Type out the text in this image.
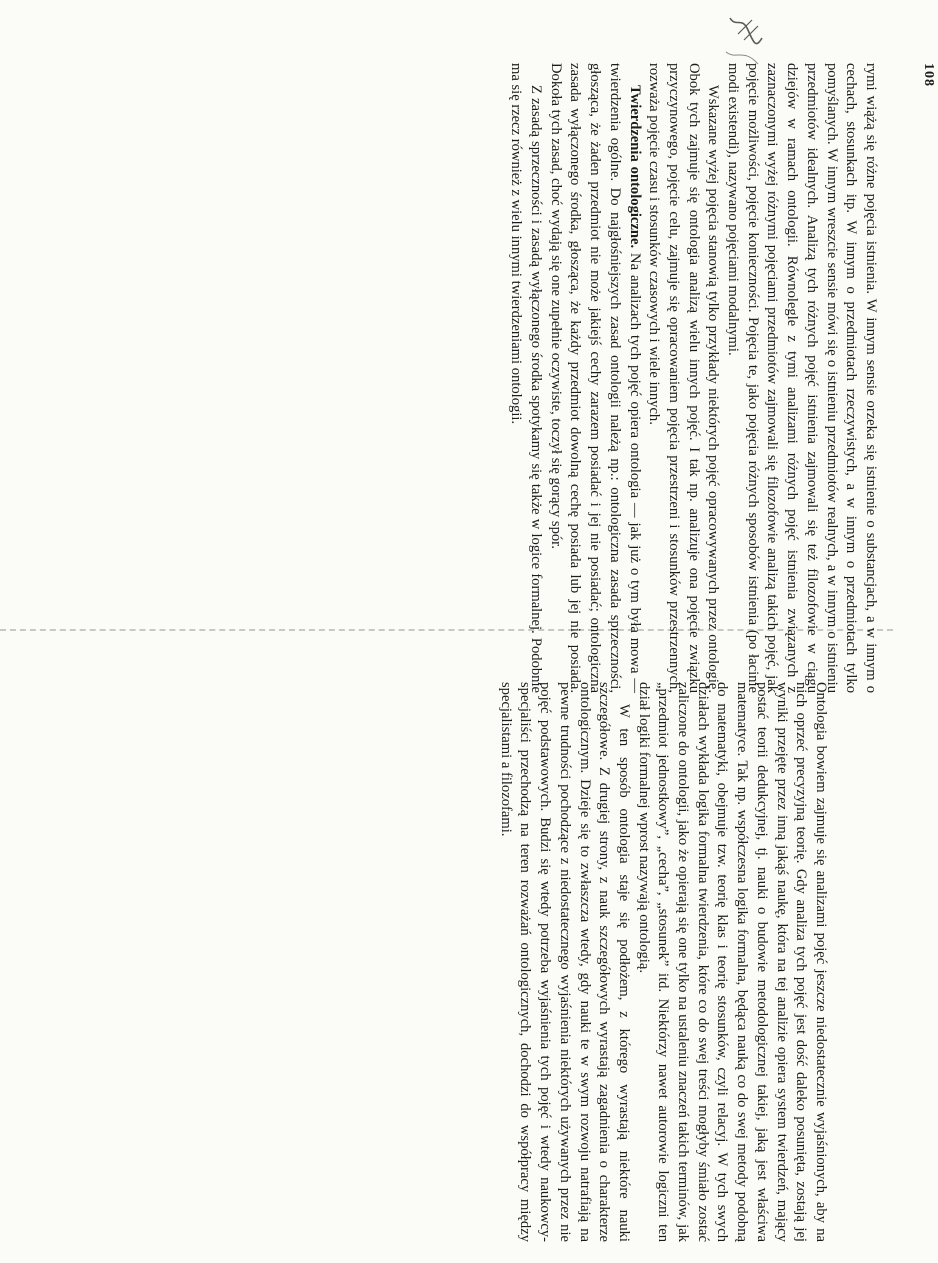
108

rymi wiążą się różne pojęcia istnienia. W innym sensie orzeka się istnienie o substancjach, a w innym o cechach, stosunkach itp. W innym o przedmiotach rzeczywistych, a w innym o przedmiotach tylko pomyślanych. W innym wreszcie sensie mówi się o istnieniu przedmiotów realnych, a w innym o istnieniu przedmiotów idealnych. Analizą tych różnych pojęć istnienia zajmowali się też filozofowie w ciągu dziejów w ramach ontologii. Równolegle z tymi analizami różnych pojęć istnienia związanych z zaznaczonymi wyżej różnymi pojęciami przedmiotów zajmowali się filozofowie analizą takich pojęć, jak pojęcie możliwości, pojęcie konieczności. Pojęcia te, jako pojęcia różnych sposobów istnienia (po łacinie modi existendi), nazywano pojęciami modalnymi.

Wskazane wyżej pojęcia stanowią tylko przykłady niektórych pojęć opracowywanych przez ontologię. Obok tych zajmuje się ontologia analizą wielu innych pojęć. I tak np. analizuje ona pojęcie związku przyczynowego, pojęcie celu, zajmuje się opracowaniem pojęcia przestrzeni i stosunków przestrzennych, rozważa pojęcie czasu i stosunków czasowych i wiele innych.

Twierdzenia ontologiczne. Na analizach tych pojęć opiera ontologia — jak już o tym była mowa — twierdzenia ogólne. Do najgłośniejszych zasad ontologii należą np.: ontologiczna zasada sprzeczności, głosząca, że żaden przedmiot nie może jakiejś cechy zarazem posiadać i jej nie posiadać; ontologiczna zasada wyłączonego środka, głosząca, że każdy przedmiot dowolną cechę posiada lub jej nie posiada. Dokoła tych zasad, choć wydają się one zupełnie oczywiste, toczył się gorący spór.

Z zasadą sprzeczności i zasadą wyłączonego środka spotykamy się także w logice formalnej. Podobnie ma się rzecz również z wielu innymi twierdzeniami ontologii.

Ontologia bowiem zajmuje się analizami pojęć jeszcze niedostatecznie wyjaśnionych, aby na nich oprzeć precyzyjną teorię. Gdy analiza tych pojęć jest dość daleko posunięta, zostają jej wyniki przejęte przez inną jakąś naukę, która na tej analizie opiera system twierdzeń, mający postać teorii dedukcyjnej, tj. nauki o budowie metodologicznej takiej, jaką jest właściwa matematyce. Tak np. współczesna logika formalna, będąca nauką co do swej metody podobną do matematyki, obejmuje tzw. teorię klas i teorię stosunków, czyli relacyj. W tych swych działach wykłada logika formalna twierdzenia, które co do swej treści mogłyby śmiało zostać zaliczone do ontologii, jako że opierają się one tylko na ustaleniu znaczeń takich terminów, jak „przedmiot jednostkowy”, „cecha”, „stosunek” itd. Niektórzy nawet autorowie logiczni ten dział logiki formalnej wprost nazywają ontologią.

W ten sposób ontologia staje się podłożem, z którego wyrastają niektóre nauki szczegółowe. Z drugiej strony, z nauk szczegółowych wyrastają zagadnienia o charakterze ontologicznym. Dzieje się to zwłaszcza wtedy, gdy nauki te w swym rozwoju natrafiają na pewne trudności pochodzące z niedostatecznego wyjaśnienia niektórych używanych przez nie pojęć podstawowych. Budzi się wtedy potrzeba wyjaśnienia tych pojęć i wtedy naukowcy-specjaliści przechodzą na teren rozważań ontologicznych, dochodzi do współpracy między specjalistami a filozofami.
